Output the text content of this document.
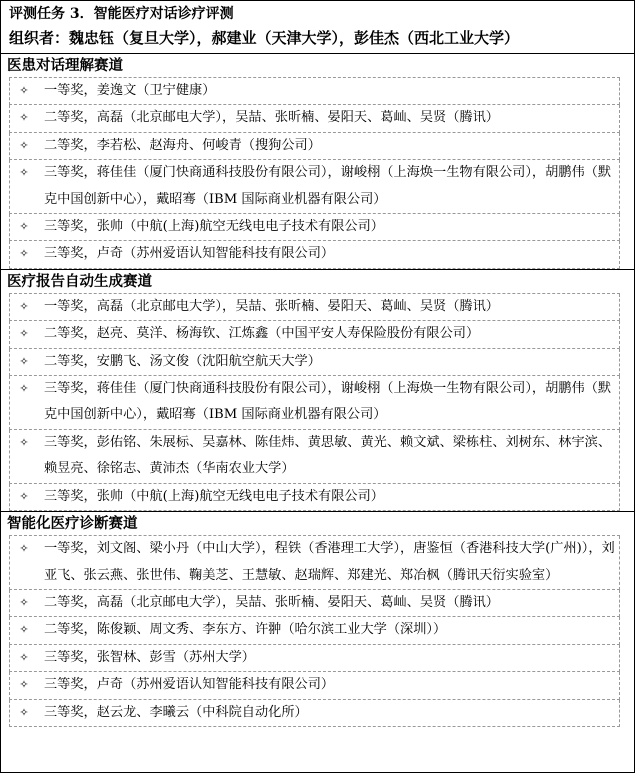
评测任务 3．智能医疗对话诊疗评测
组织者：魏忠钰（复旦大学），郝建业（天津大学），彭佳杰（西北工业大学）
医患对话理解赛道
✧	一等奖，姜逸文（卫宁健康）
✧	二等奖，高磊（北京邮电大学），吴喆、张昕楠、晏阳天、葛屾、吴贤（腾讯）
✧	二等奖，李若松、赵海舟、何峻青（搜狗公司）
✧	三等奖，蒋佳佳（厦门快商通科技股份有限公司），谢峻栩（上海焕一生物有限公司），胡鹏伟（默克中国创新中心），戴昭骞（IBM 国际商业机器有限公司）
✧	三等奖，张帅（中航(上海)航空无线电电子技术有限公司）
✧	三等奖，卢奇（苏州爱语认知智能科技有限公司）
医疗报告自动生成赛道
✧	一等奖，高磊（北京邮电大学），吴喆、张昕楠、晏阳天、葛屾、吴贤（腾讯）
✧	二等奖，赵亮、莫洋、杨海钦、江炼鑫（中国平安人寿保险股份有限公司）
✧	二等奖，安鹏飞、汤文俊（沈阳航空航天大学）
✧	三等奖，蒋佳佳（厦门快商通科技股份有限公司），谢峻栩（上海焕一生物有限公司），胡鹏伟（默克中国创新中心），戴昭骞（IBM 国际商业机器有限公司）
✧	三等奖，彭佑铭、朱展标、吴嘉林、陈佳炜、黄思敏、黄光、赖文斌、梁栋柱、刘树东、林宇滨、赖昱亮、徐铭志、黄沛杰（华南农业大学）
✧	三等奖，张帅（中航(上海)航空无线电电子技术有限公司）
智能化医疗诊断赛道
✧	一等奖，刘文阁、梁小丹（中山大学），程铁（香港理工大学），唐鉴恒（香港科技大学(广州)），刘亚飞、张云燕、张世伟、鞠美芝、王慧敏、赵瑞辉、郑建光、郑冶枫（腾讯天衍实验室）
✧	二等奖，高磊（北京邮电大学），吴喆、张昕楠、晏阳天、葛屾、吴贤（腾讯）
✧	二等奖，陈俊颖、周文秀、李东方、许翀（哈尔滨工业大学（深圳））
✧	三等奖，张智林、彭雪（苏州大学）
✧	三等奖，卢奇（苏州爱语认知智能科技有限公司）
✧	三等奖，赵云龙、李曦云（中科院自动化所）
